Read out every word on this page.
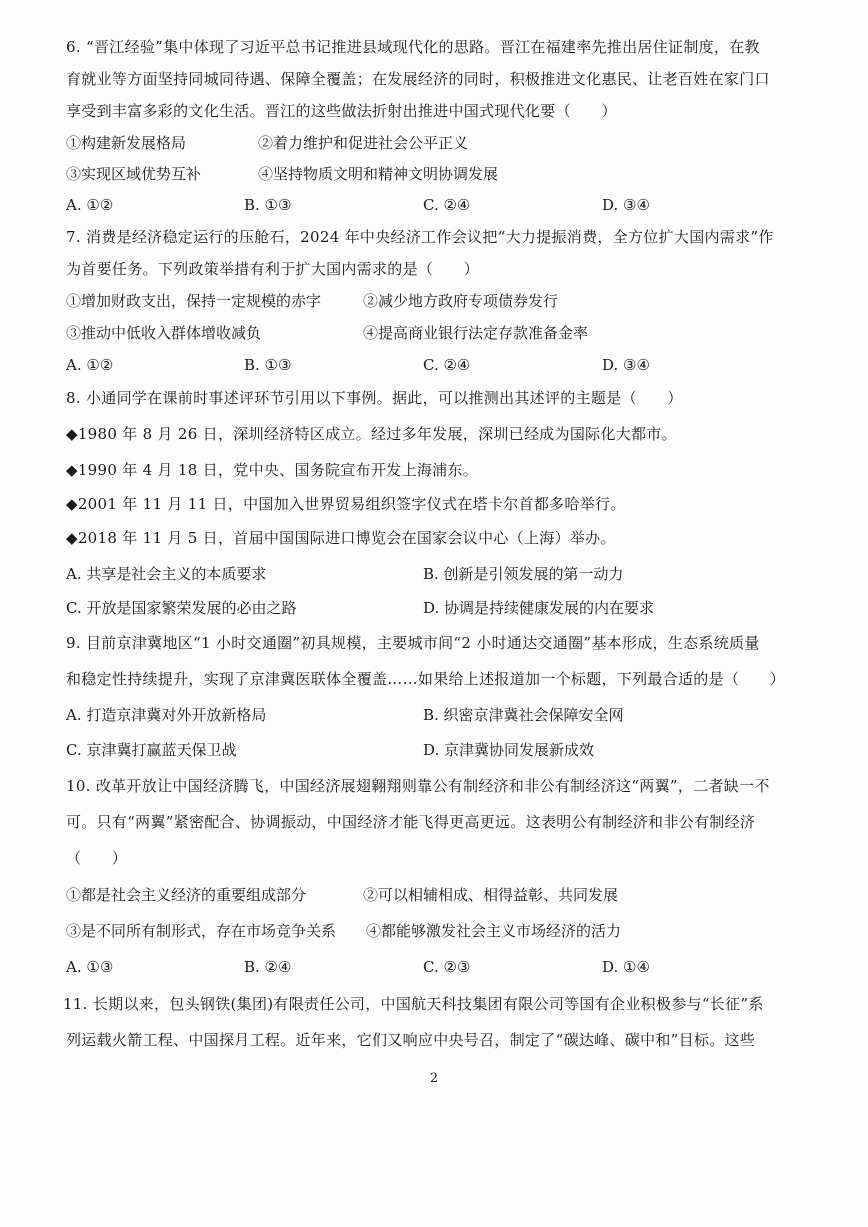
6. “晋江经验”集中体现了习近平总书记推进县域现代化的思路。晋江在福建率先推出居住证制度，在教
育就业等方面坚持同城同待遇、保障全覆盖；在发展经济的同时，积极推进文化惠民、让老百姓在家门口
享受到丰富多彩的文化生活。晋江的这些做法折射出推进中国式现代化要（　　）
①构建新发展格局	②着力维护和促进社会公平正义
③实现区域优势互补	④坚持物质文明和精神文明协调发展
A. ①②	B. ①③	C. ②④	D. ③④
7. 消费是经济稳定运行的压舱石，2024 年中央经济工作会议把“大力提振消费，全方位扩大国内需求”作
为首要任务。下列政策举措有利于扩大国内需求的是（　　）
①增加财政支出，保持一定规模的赤字	②减少地方政府专项债券发行
③推动中低收入群体增收减负	④提高商业银行法定存款准备金率
A. ①②	B. ①③	C. ②④	D. ③④
8. 小通同学在课前时事述评环节引用以下事例。据此，可以推测出其述评的主题是（　　）
◆1980 年 8 月 26 日，深圳经济特区成立。经过多年发展，深圳已经成为国际化大都市。
◆1990 年 4 月 18 日，党中央、国务院宣布开发上海浦东。
◆2001 年 11 月 11 日，中国加入世界贸易组织签字仪式在塔卡尔首都多哈举行。
◆2018 年 11 月 5 日，首届中国国际进口博览会在国家会议中心（上海）举办。
A. 共享是社会主义的本质要求	B. 创新是引领发展的第一动力
C. 开放是国家繁荣发展的必由之路	D. 协调是持续健康发展的内在要求
9. 目前京津冀地区“1 小时交通圈”初具规模，主要城市间“2 小时通达交通圈”基本形成，生态系统质量
和稳定性持续提升，实现了京津冀医联体全覆盖……如果给上述报道加一个标题，下列最合适的是（　　）
A. 打造京津冀对外开放新格局	B. 织密京津冀社会保障安全网
C. 京津冀打赢蓝天保卫战	D. 京津冀协同发展新成效
10. 改革开放让中国经济腾飞，中国经济展翅翱翔则靠公有制经济和非公有制经济这“两翼”，二者缺一不
可。只有“两翼”紧密配合、协调振动，中国经济才能飞得更高更远。这表明公有制经济和非公有制经济
（　　）
①都是社会主义经济的重要组成部分	②可以相辅相成、相得益彰、共同发展
③是不同所有制形式，存在市场竞争关系 ④都能够激发社会主义市场经济的活力
A. ①③	B. ②④	C. ②③	D. ①④
11. 长期以来，包头钢铁(集团)有限责任公司，中国航天科技集团有限公司等国有企业积极参与“长征”系
列运载火箭工程、中国探月工程。近年来，它们又响应中央号召，制定了“碳达峰、碳中和”目标。这些
2
